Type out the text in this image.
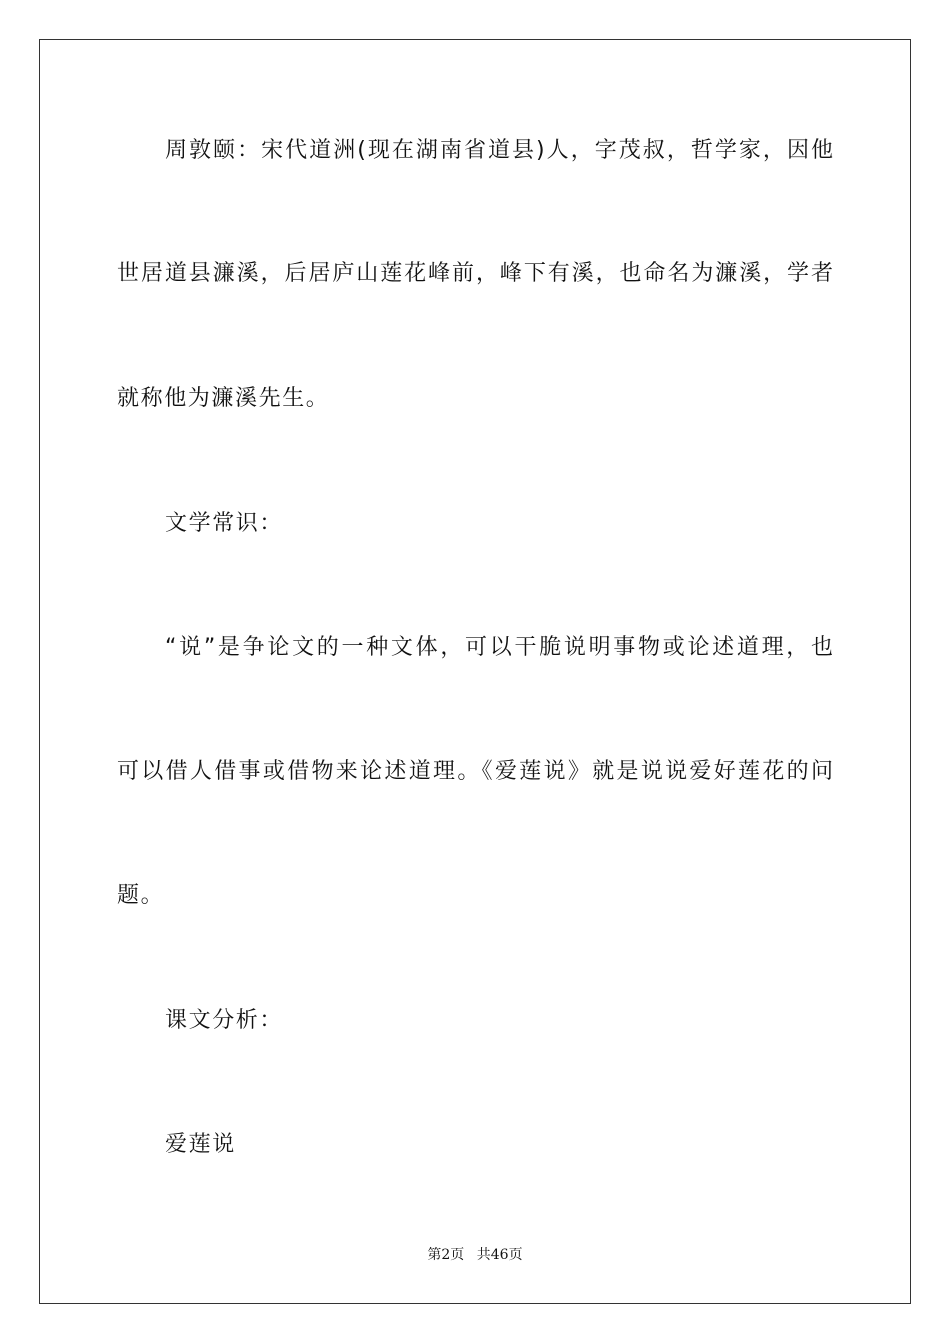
周敦颐：宋代道洲(现在湖南省道县)人，字茂叔，哲学家，因他
世居道县濂溪，后居庐山莲花峰前，峰下有溪，也命名为濂溪，学者
就称他为濂溪先生。
文学常识：
“说”是争论文的一种文体，可以干脆说明事物或论述道理，也
可以借人借事或借物来论述道理。《爱莲说》就是说说爱好莲花的问
题。
课文分析：
爱莲说
第2页 共46页
